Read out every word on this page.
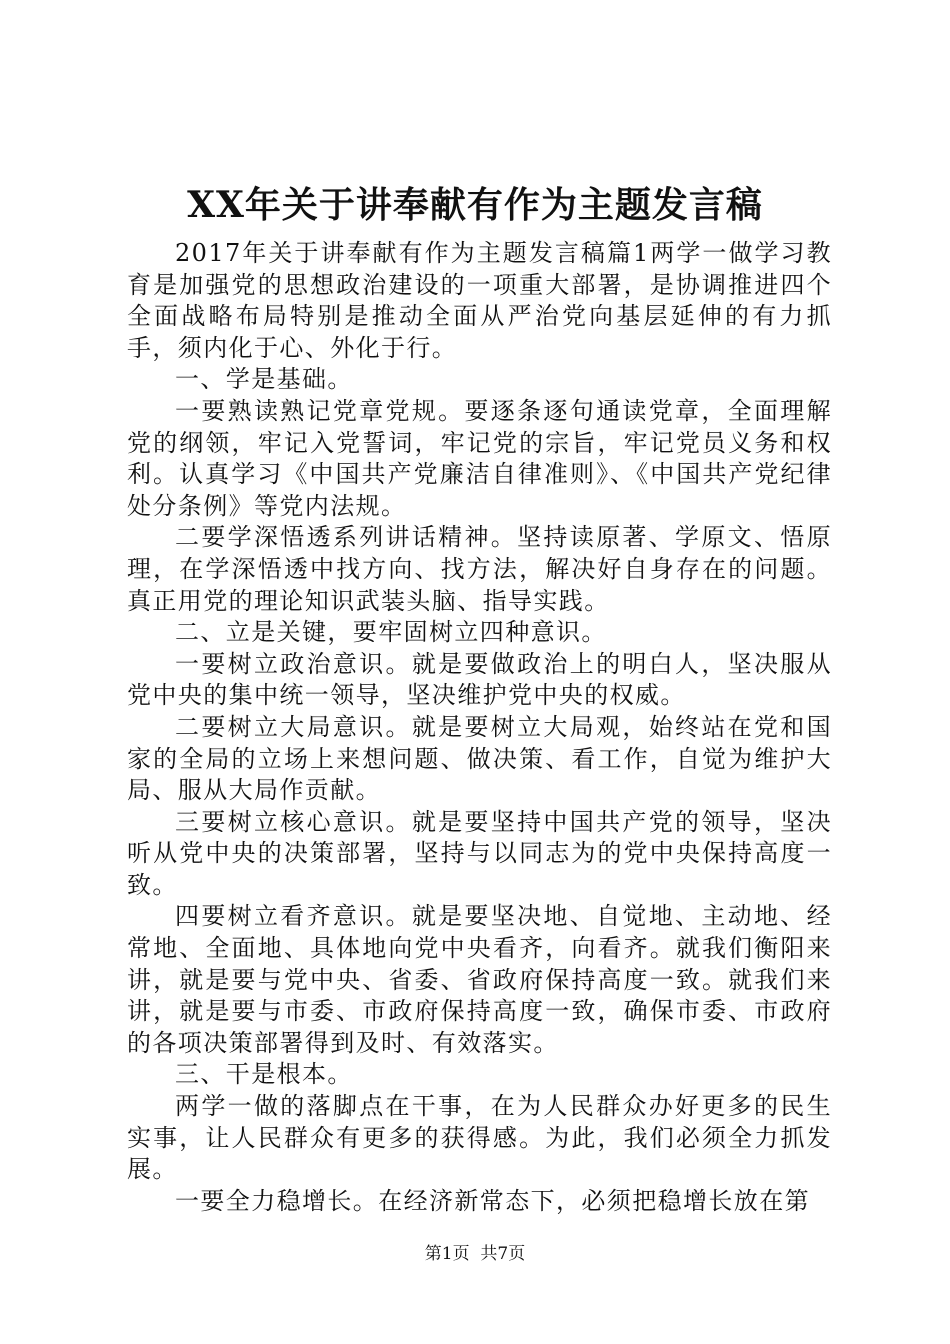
XX年关于讲奉献有作为主题发言稿

2017年关于讲奉献有作为主题发言稿篇1两学一做学习教育是加强党的思想政治建设的一项重大部署，是协调推进四个全面战略布局特别是推动全面从严治党向基层延伸的有力抓手，须内化于心、外化于行。

一、学是基础。

一要熟读熟记党章党规。要逐条逐句通读党章，全面理解党的纲领，牢记入党誓词，牢记党的宗旨，牢记党员义务和权利。认真学习《中国共产党廉洁自律准则》、《中国共产党纪律处分条例》等党内法规。

二要学深悟透系列讲话精神。坚持读原著、学原文、悟原理，在学深悟透中找方向、找方法，解决好自身存在的问题。真正用党的理论知识武装头脑、指导实践。

二、立是关键，要牢固树立四种意识。

一要树立政治意识。就是要做政治上的明白人，坚决服从党中央的集中统一领导，坚决维护党中央的权威。

二要树立大局意识。就是要树立大局观，始终站在党和国家的全局的立场上来想问题、做决策、看工作，自觉为维护大局、服从大局作贡献。

三要树立核心意识。就是要坚持中国共产党的领导，坚决听从党中央的决策部署，坚持与以同志为的党中央保持高度一致。

四要树立看齐意识。就是要坚决地、自觉地、主动地、经常地、全面地、具体地向党中央看齐，向看齐。就我们衡阳来讲，就是要与党中央、省委、省政府保持高度一致。就我们来讲，就是要与市委、市政府保持高度一致，确保市委、市政府的各项决策部署得到及时、有效落实。

三、干是根本。

两学一做的落脚点在干事，在为人民群众办好更多的民生实事，让人民群众有更多的获得感。为此，我们必须全力抓发展。

一要全力稳增长。在经济新常态下，必须把稳增长放在第

第1页 共7页
